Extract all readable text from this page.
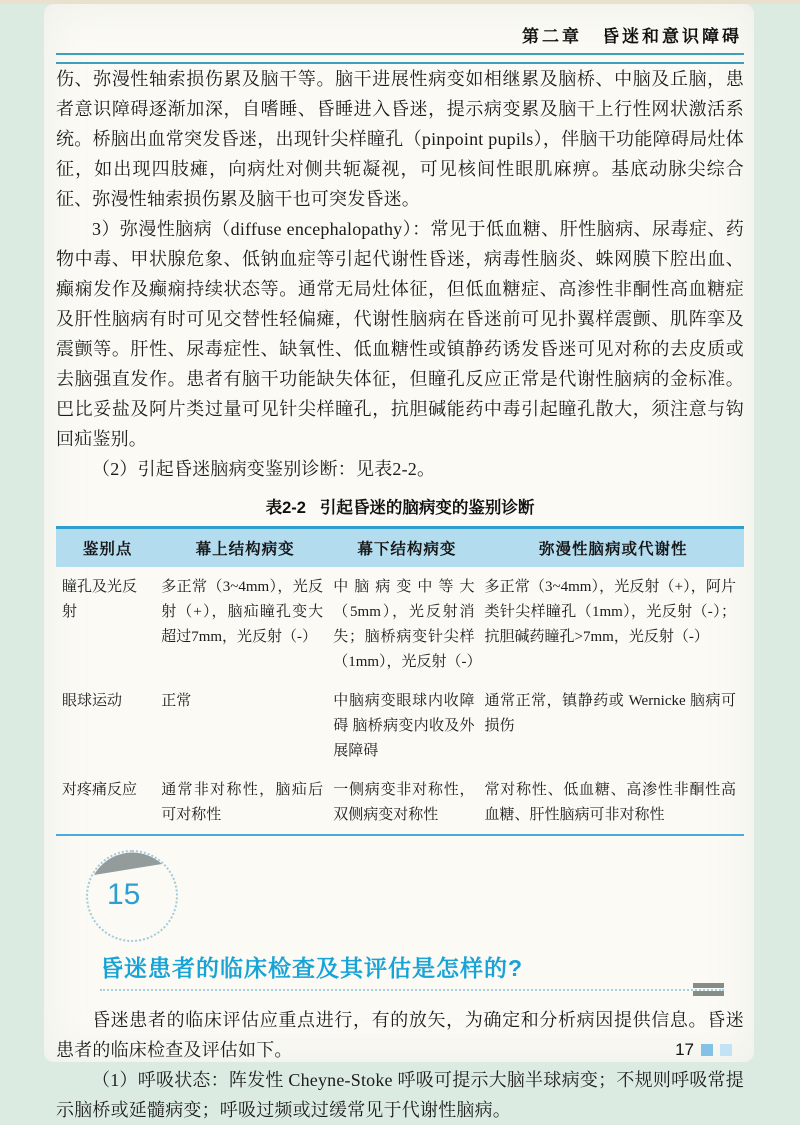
第二章　昏迷和意识障碍

伤、弥漫性轴索损伤累及脑干等。脑干进展性病变如相继累及脑桥、中脑及丘脑，患者意识障碍逐渐加深，自嗜睡、昏睡进入昏迷，提示病变累及脑干上行性网状激活系统。桥脑出血常突发昏迷，出现针尖样瞳孔（pinpoint pupils），伴脑干功能障碍局灶体征，如出现四肢瘫，向病灶对侧共轭凝视，可见核间性眼肌麻痹。基底动脉尖综合征、弥漫性轴索损伤累及脑干也可突发昏迷。

3）弥漫性脑病（diffuse encephalopathy）：常见于低血糖、肝性脑病、尿毒症、药物中毒、甲状腺危象、低钠血症等引起代谢性昏迷，病毒性脑炎、蛛网膜下腔出血、癫痫发作及癫痫持续状态等。通常无局灶体征，但低血糖症、高渗性非酮性高血糖症及肝性脑病有时可见交替性轻偏瘫，代谢性脑病在昏迷前可见扑翼样震颤、肌阵挛及震颤等。肝性、尿毒症性、缺氧性、低血糖性或镇静药诱发昏迷可见对称的去皮质或去脑强直发作。患者有脑干功能缺失体征，但瞳孔反应正常是代谢性脑病的金标准。巴比妥盐及阿片类过量可见针尖样瞳孔，抗胆碱能药中毒引起瞳孔散大，须注意与钩回疝鉴别。

（2）引起昏迷脑病变鉴别诊断：见表2-2。

表2-2 引起昏迷的脑病变的鉴别诊断
鉴别点	幕上结构病变	幕下结构病变	弥漫性脑病或代谢性
瞳孔及光反射	多正常（3~4mm），光反射（+），脑疝瞳孔变大超过7mm，光反射（-）	中脑病变中等大（5mm），光反射消失；脑桥病变针尖样（1mm），光反射（-）	多正常（3~4mm），光反射（+），阿片类针尖样瞳孔（1mm），光反射（-）；抗胆碱药瞳孔>7mm，光反射（-）
眼球运动	正常	中脑病变眼球内收障碍 脑桥病变内收及外展障碍	通常正常，镇静药或 Wernicke 脑病可损伤
对疼痛反应	通常非对称性，脑疝后可对称性	一侧病变非对称性，双侧病变对称性	常对称性、低血糖、高渗性非酮性高血糖、肝性脑病可非对称性
15
昏迷患者的临床检查及其评估是怎样的?

昏迷患者的临床评估应重点进行，有的放矢，为确定和分析病因提供信息。昏迷患者的临床检查及评估如下。

（1）呼吸状态：阵发性 Cheyne-Stoke 呼吸可提示大脑半球病变；不规则呼吸常提示脑桥或延髓病变；呼吸过频或过缓常见于代谢性脑病。

17
